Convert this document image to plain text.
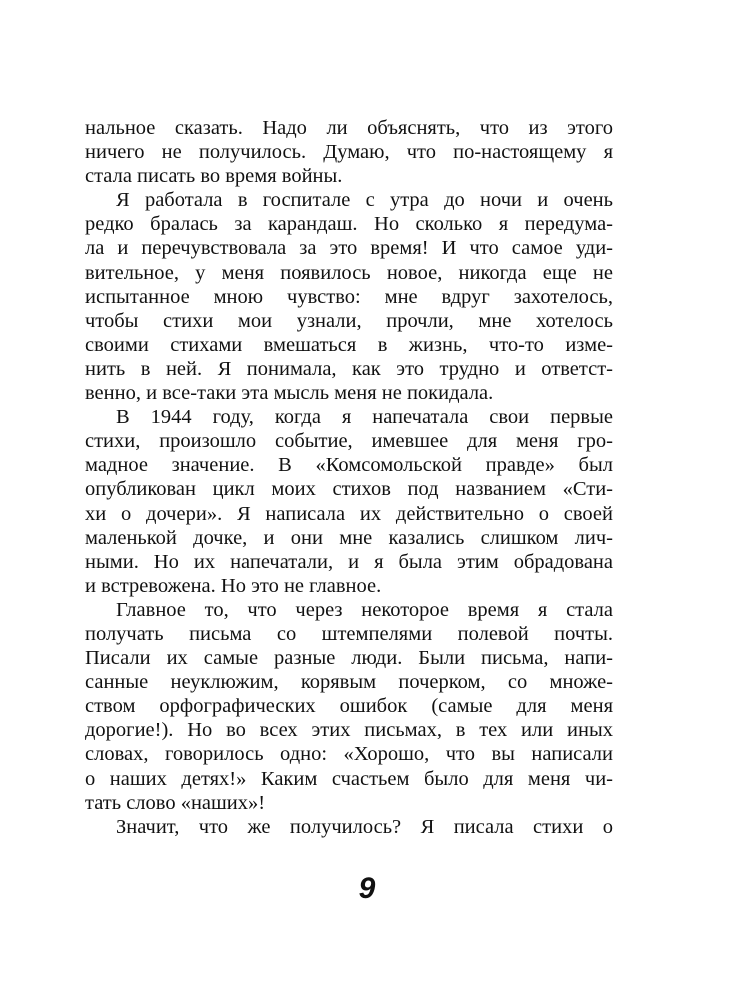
нальное сказать. Надо ли объяснять, что из этого
ничего не получилось. Думаю, что по-настоящему я
стала писать во время войны.
Я работала в госпитале с утра до ночи и очень
редко бралась за карандаш. Но сколько я передума-
ла и перечувствовала за это время! И что самое уди-
вительное, у меня появилось новое, никогда еще не
испытанное мною чувство: мне вдруг захотелось,
чтобы стихи мои узнали, прочли, мне хотелось
своими стихами вмешаться в жизнь, что-то изме-
нить в ней. Я понимала, как это трудно и ответст-
венно, и все-таки эта мысль меня не покидала.
В 1944 году, когда я напечатала свои первые
стихи, произошло событие, имевшее для меня гро-
мадное значение. В «Комсомольской правде» был
опубликован цикл моих стихов под названием «Сти-
хи о дочери». Я написала их действительно о своей
маленькой дочке, и они мне казались слишком лич-
ными. Но их напечатали, и я была этим обрадована
и встревожена. Но это не главное.
Главное то, что через некоторое время я стала
получать письма со штемпелями полевой почты.
Писали их самые разные люди. Были письма, напи-
санные неуклюжим, корявым почерком, со множе-
ством орфографических ошибок (самые для меня
дорогие!). Но во всех этих письмах, в тех или иных
словах, говорилось одно: «Хорошо, что вы написали
о наших детях!» Каким счастьем было для меня чи-
тать слово «наших»!
Значит, что же получилось? Я писала стихи о
9
